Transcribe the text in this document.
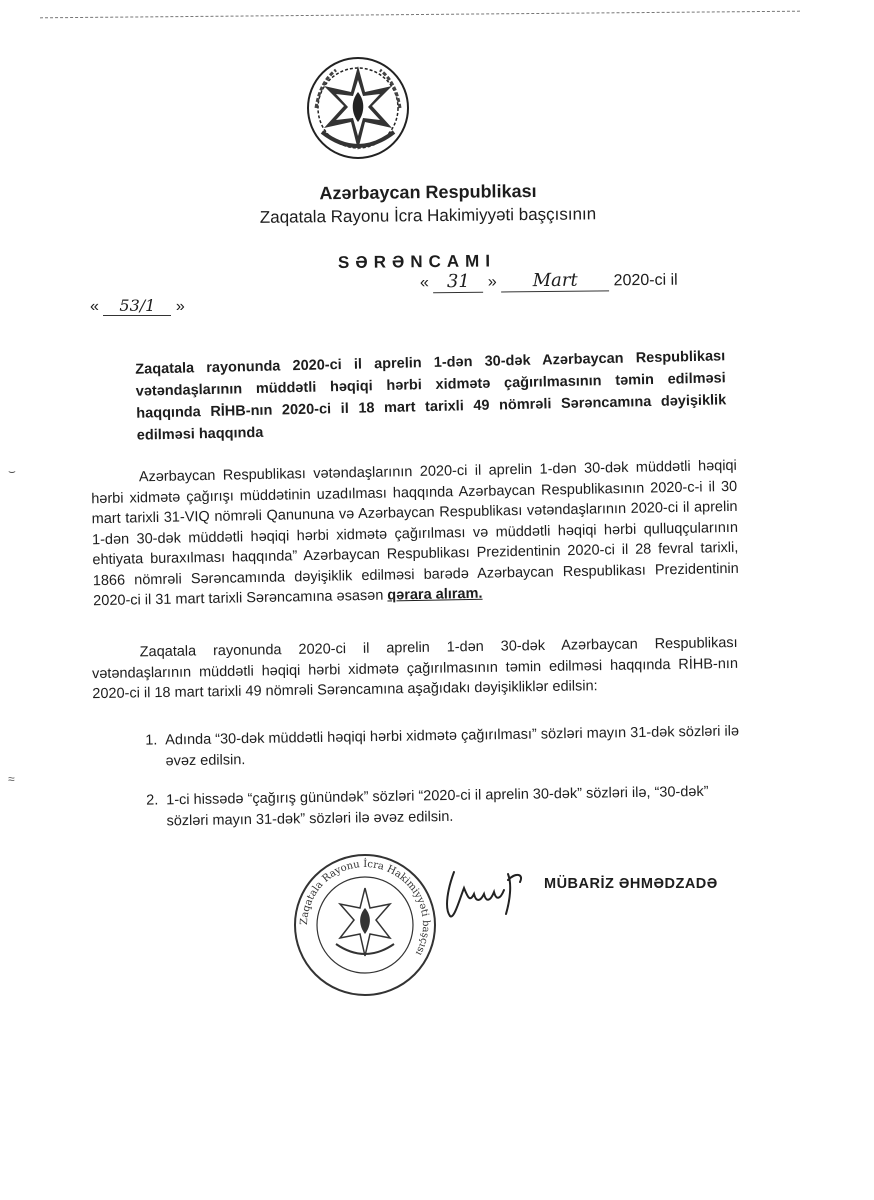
Azərbaycan Respublikası
Zaqatala Rayonu İcra Hakimiyyəti başçısının
SƏRƏNCAMI
« 53/1 »
« 31 » Mart 2020-ci il
Zaqatala rayonunda 2020-ci il aprelin 1-dən 30-dək Azərbaycan Respublikası vətəndaşlarının müddətli həqiqi hərbi xidmətə çağırılmasının təmin edilməsi haqqında RİHB-nın 2020-ci il 18 mart tarixli 49 nömrəli Sərəncamına dəyişiklik edilməsi haqqında
Azərbaycan Respublikası vətəndaşlarının 2020-ci il aprelin 1-dən 30-dək müddətli həqiqi hərbi xidmətə çağırışı müddətinin uzadılması haqqında Azərbaycan Respublikasının 2020-c-i il 30 mart tarixli 31-VIQ nömrəli Qanununa və Azərbaycan Respublikası vətəndaşlarının 2020-ci il aprelin 1-dən 30-dək müddətli həqiqi hərbi xidmətə çağırılması və müddətli həqiqi hərbi qulluqçularının ehtiyata buraxılması haqqında” Azərbaycan Respublikası Prezidentinin 2020-ci il 28 fevral tarixli, 1866 nömrəli Sərəncamında dəyişiklik edilməsi barədə Azərbaycan Respublikası Prezidentinin 2020-ci il 31 mart tarixli Sərəncamına əsasən qərara alıram.
Zaqatala rayonunda 2020-ci il aprelin 1-dən 30-dək Azərbaycan Respublikası vətəndaşlarının müddətli həqiqi hərbi xidmətə çağırılmasının təmin edilməsi haqqında RİHB-nın 2020-ci il 18 mart tarixli 49 nömrəli Sərəncamına aşağıdakı dəyişikliklər edilsin:
1. Adında “30-dək müddətli həqiqi hərbi xidmətə çağırılması” sözləri mayın 31-dək sözləri ilə əvəz edilsin.
2. 1-ci hissədə “çağırış günündək” sözləri “2020-ci il aprelin 30-dək” sözləri ilə, “30-dək” sözləri mayın 31-dək” sözləri ilə əvəz edilsin.
Zaqatala Rayonu İcra Hakimiyyəti başçısı
MÜBARİZ ƏHMƏDZADƏ
⌣
≈
